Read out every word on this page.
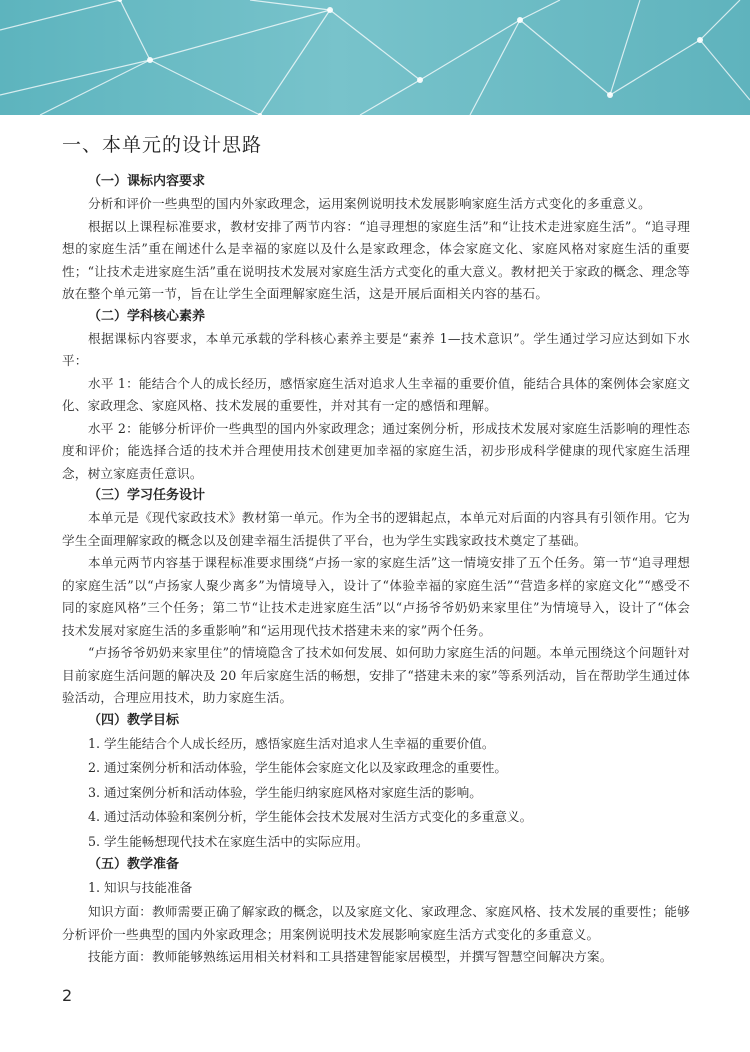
一、本单元的设计思路
（一）课标内容要求

分析和评价一些典型的国内外家政理念，运用案例说明技术发展影响家庭生活方式变化的多重意义。

根据以上课程标准要求，教材安排了两节内容：“追寻理想的家庭生活”和“让技术走进家庭生活”。“追寻理想的家庭生活”重在阐述什么是幸福的家庭以及什么是家政理念，体会家庭文化、家庭风格对家庭生活的重要性；“让技术走进家庭生活”重在说明技术发展对家庭生活方式变化的重大意义。教材把关于家政的概念、理念等放在整个单元第一节，旨在让学生全面理解家庭生活，这是开展后面相关内容的基石。

（二）学科核心素养

根据课标内容要求，本单元承载的学科核心素养主要是“素养 1—技术意识”。学生通过学习应达到如下水平：

水平 1：能结合个人的成长经历，感悟家庭生活对追求人生幸福的重要价值，能结合具体的案例体会家庭文化、家政理念、家庭风格、技术发展的重要性，并对其有一定的感悟和理解。

水平 2：能够分析评价一些典型的国内外家政理念；通过案例分析，形成技术发展对家庭生活影响的理性态度和评价；能选择合适的技术并合理使用技术创建更加幸福的家庭生活，初步形成科学健康的现代家庭生活理念，树立家庭责任意识。

（三）学习任务设计

本单元是《现代家政技术》教材第一单元。作为全书的逻辑起点，本单元对后面的内容具有引领作用。它为学生全面理解家政的概念以及创建幸福生活提供了平台，也为学生实践家政技术奠定了基础。

本单元两节内容基于课程标准要求围绕“卢扬一家的家庭生活”这一情境安排了五个任务。第一节“追寻理想的家庭生活”以“卢扬家人聚少离多”为情境导入，设计了“体验幸福的家庭生活”“营造多样的家庭文化”“感受不同的家庭风格”三个任务；第二节“让技术走进家庭生活”以“卢扬爷爷奶奶来家里住”为情境导入，设计了“体会技术发展对家庭生活的多重影响”和“运用现代技术搭建未来的家”两个任务。

“卢扬爷爷奶奶来家里住”的情境隐含了技术如何发展、如何助力家庭生活的问题。本单元围绕这个问题针对目前家庭生活问题的解决及 20 年后家庭生活的畅想，安排了“搭建未来的家”等系列活动，旨在帮助学生通过体验活动，合理应用技术，助力家庭生活。

（四）教学目标
1. 学生能结合个人成长经历，感悟家庭生活对追求人生幸福的重要价值。
2. 通过案例分析和活动体验，学生能体会家庭文化以及家政理念的重要性。
3. 通过案例分析和活动体验，学生能归纳家庭风格对家庭生活的影响。
4. 通过活动体验和案例分析，学生能体会技术发展对生活方式变化的多重意义。
5. 学生能畅想现代技术在家庭生活中的实际应用。
（五）教学准备
1. 知识与技能准备

知识方面：教师需要正确了解家政的概念，以及家庭文化、家政理念、家庭风格、技术发展的重要性；能够分析评价一些典型的国内外家政理念；用案例说明技术发展影响家庭生活方式变化的多重意义。

技能方面：教师能够熟练运用相关材料和工具搭建智能家居模型，并撰写智慧空间解决方案。

2
